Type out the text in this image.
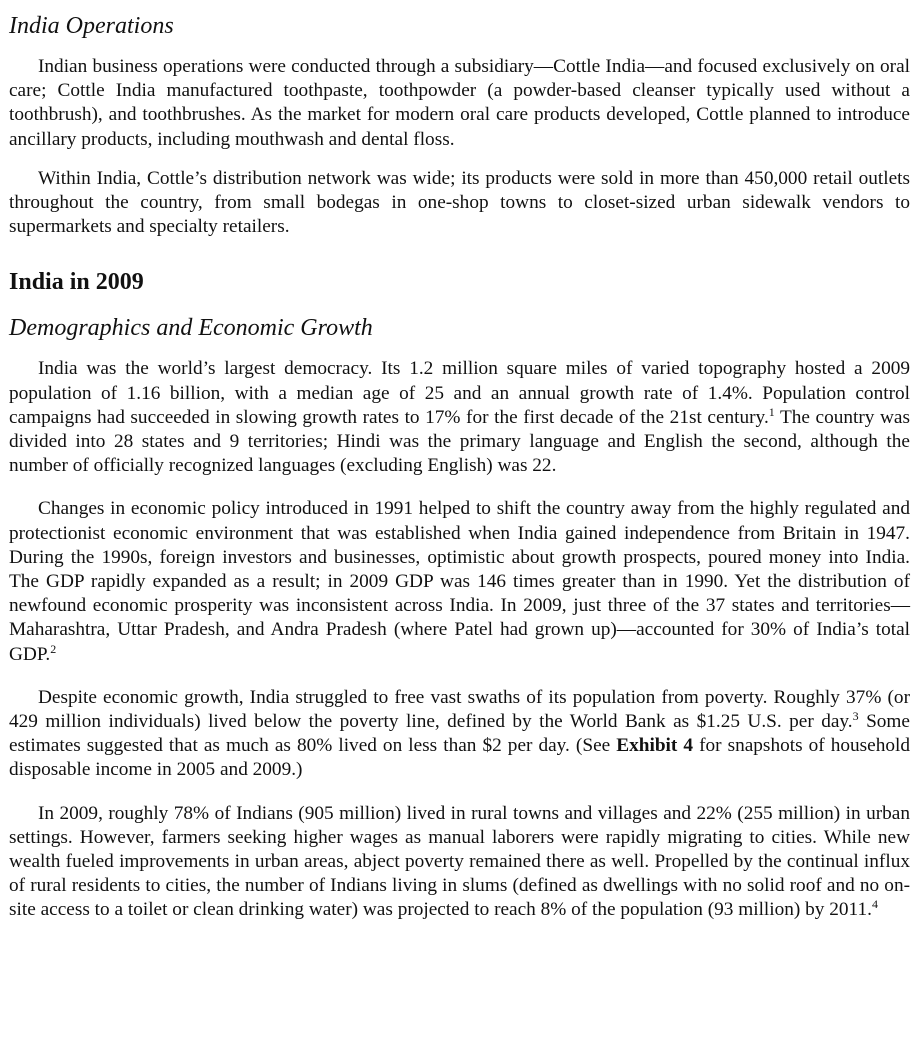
India Operations

Indian business operations were conducted through a subsidiary—Cottle India—and focused exclusively on oral care; Cottle India manufactured toothpaste, toothpowder (a powder-based cleanser typically used without a toothbrush), and toothbrushes. As the market for modern oral care products developed, Cottle planned to introduce ancillary products, including mouthwash and dental floss.

Within India, Cottle’s distribution network was wide; its products were sold in more than 450,000 retail outlets throughout the country, from small bodegas in one-shop towns to closet-sized urban sidewalk vendors to supermarkets and specialty retailers.

India in 2009
Demographics and Economic Growth

India was the world’s largest democracy. Its 1.2 million square miles of varied topography hosted a 2009 population of 1.16 billion, with a median age of 25 and an annual growth rate of 1.4%. Population control campaigns had succeeded in slowing growth rates to 17% for the first decade of the 21st century.$^1$ The country was divided into 28 states and 9 territories; Hindi was the primary language and English the second, although the number of officially recognized languages (excluding English) was 22.

Changes in economic policy introduced in 1991 helped to shift the country away from the highly regulated and protectionist economic environment that was established when India gained independence from Britain in 1947. During the 1990s, foreign investors and businesses, optimistic about growth prospects, poured money into India. The GDP rapidly expanded as a result; in 2009 GDP was 146 times greater than in 1990. Yet the distribution of newfound economic prosperity was inconsistent across India. In 2009, just three of the 37 states and territories—Maharashtra, Uttar Pradesh, and Andra Pradesh (where Patel had grown up)—accounted for 30% of India’s total GDP.$^2$

Despite economic growth, India struggled to free vast swaths of its population from poverty. Roughly 37% (or 429 million individuals) lived below the poverty line, defined by the World Bank as $1.25 U.S. per day.$^3$ Some estimates suggested that as much as 80% lived on less than $2 per day. (See Exhibit 4 for snapshots of household disposable income in 2005 and 2009.)

In 2009, roughly 78% of Indians (905 million) lived in rural towns and villages and 22% (255 million) in urban settings. However, farmers seeking higher wages as manual laborers were rapidly migrating to cities. While new wealth fueled improvements in urban areas, abject poverty remained there as well. Propelled by the continual influx of rural residents to cities, the number of Indians living in slums (defined as dwellings with no solid roof and no on-site access to a toilet or clean drinking water) was projected to reach 8% of the population (93 million) by 2011.$^4$
